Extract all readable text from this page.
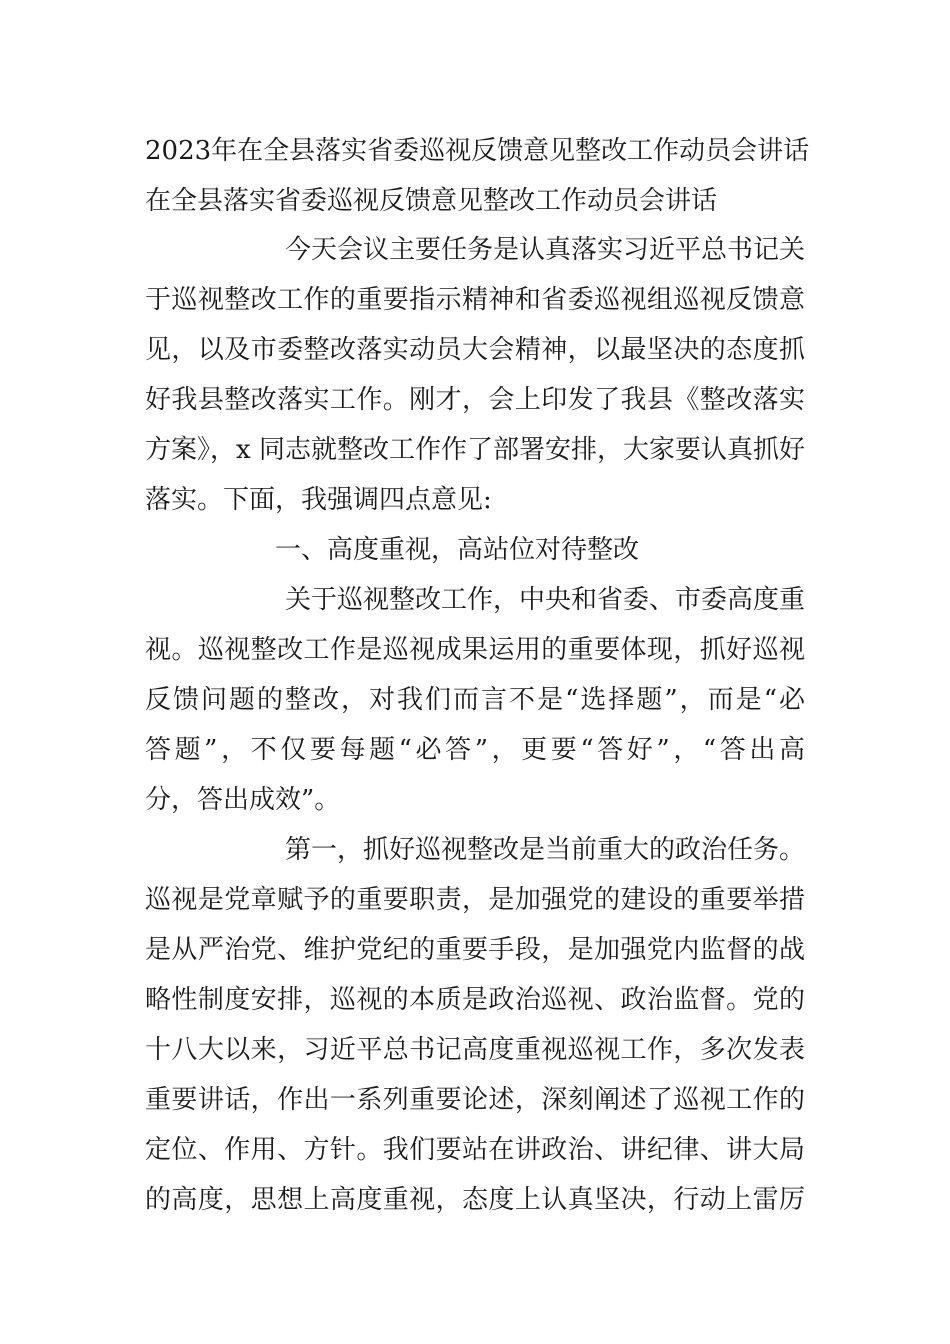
2023年在全县落实省委巡视反馈意见整改工作动员会讲话
在全县落实省委巡视反馈意见整改工作动员会讲话
今天会议主要任务是认真落实习近平总书记关
于巡视整改工作的重要指示精神和省委巡视组巡视反馈意
见，以及市委整改落实动员大会精神，以最坚决的态度抓
好我县整改落实工作。刚才，会上印发了我县《整改落实
方案》，x 同志就整改工作作了部署安排，大家要认真抓好
落实。下面，我强调四点意见:
一、高度重视，高站位对待整改
关于巡视整改工作，中央和省委、市委高度重
视。巡视整改工作是巡视成果运用的重要体现，抓好巡视
反馈问题的整改，对我们而言不是“选择题”，而是“必
答题”，不仅要每题“必答”，更要“答好”，“答出高
分，答出成效”。
第一，抓好巡视整改是当前重大的政治任务。
巡视是党章赋予的重要职责，是加强党的建设的重要举措
是从严治党、维护党纪的重要手段，是加强党内监督的战
略性制度安排，巡视的本质是政治巡视、政治监督。党的
十八大以来，习近平总书记高度重视巡视工作，多次发表
重要讲话，作出一系列重要论述，深刻阐述了巡视工作的
定位、作用、方针。我们要站在讲政治、讲纪律、讲大局
的高度，思想上高度重视，态度上认真坚决，行动上雷厉
